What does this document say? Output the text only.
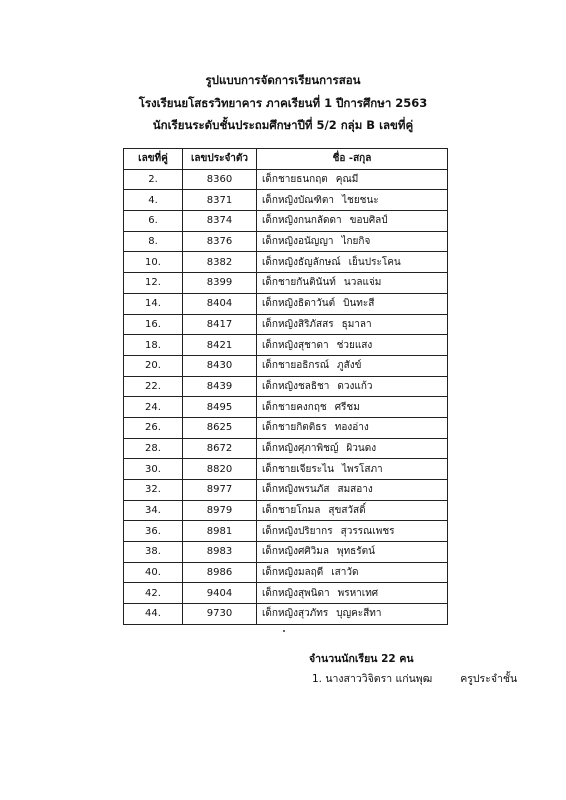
รูปแบบการจัดการเรียนการสอน
โรงเรียนยโสธรวิทยาคาร ภาคเรียนที่ 1 ปีการศึกษา 2563
นักเรียนระดับชั้นประถมศึกษาปีที่ 5/2 กลุ่ม B เลขที่คู่
เลขที่คู่	เลขประจำตัว	ชื่อ -สกุล
2.	8360	เด็กชายธนกฤต คุณมี
4.	8371	เด็กหญิงบัณฑิตา ไชยชนะ
6.	8374	เด็กหญิงกนกลัดดา ขอบศิลป์
8.	8376	เด็กหญิงอนัญญา ไกยกิจ
10.	8382	เด็กหญิงธัญลักษณ์ เย็นประโคน
12.	8399	เด็กชายกันตินันท์ นวลแจ่ม
14.	8404	เด็กหญิงธิดาวันต์ บินทะสี
16.	8417	เด็กหญิงสิริภัสสร ธุมาลา
18.	8421	เด็กหญิงสุชาดา ช่วยแสง
20.	8430	เด็กชายอธิกรณ์ ภูสังข์
22.	8439	เด็กหญิงชลธิชา ดวงแก้ว
24.	8495	เด็กชายคงกฤช ศรีชม
26.	8625	เด็กชายกิตติธร ทองอ่าง
28.	8672	เด็กหญิงศุภาพิชญ์ ผิวนดง
30.	8820	เด็กชายเจียระไน ไพรโสภา
32.	8977	เด็กหญิงพรนภัส สมสอาง
34.	8979	เด็กชายโกมล สุขสวัสดิ์
36.	8981	เด็กหญิงปริยากร สุวรรณเพชร
38.	8983	เด็กหญิงศศิวิมล พุทธรัตน์
40.	8986	เด็กหญิงมลฤดี เสาวัด
42.	9404	เด็กหญิงสุพนิดา พรหาเทศ
44.	9730	เด็กหญิงสุวภัทร บุญคะสีทา
จำนวนนักเรียน 22 คน
1. นางสาววิจิตรา แก่นพุฒ	ครูประจำชั้น
